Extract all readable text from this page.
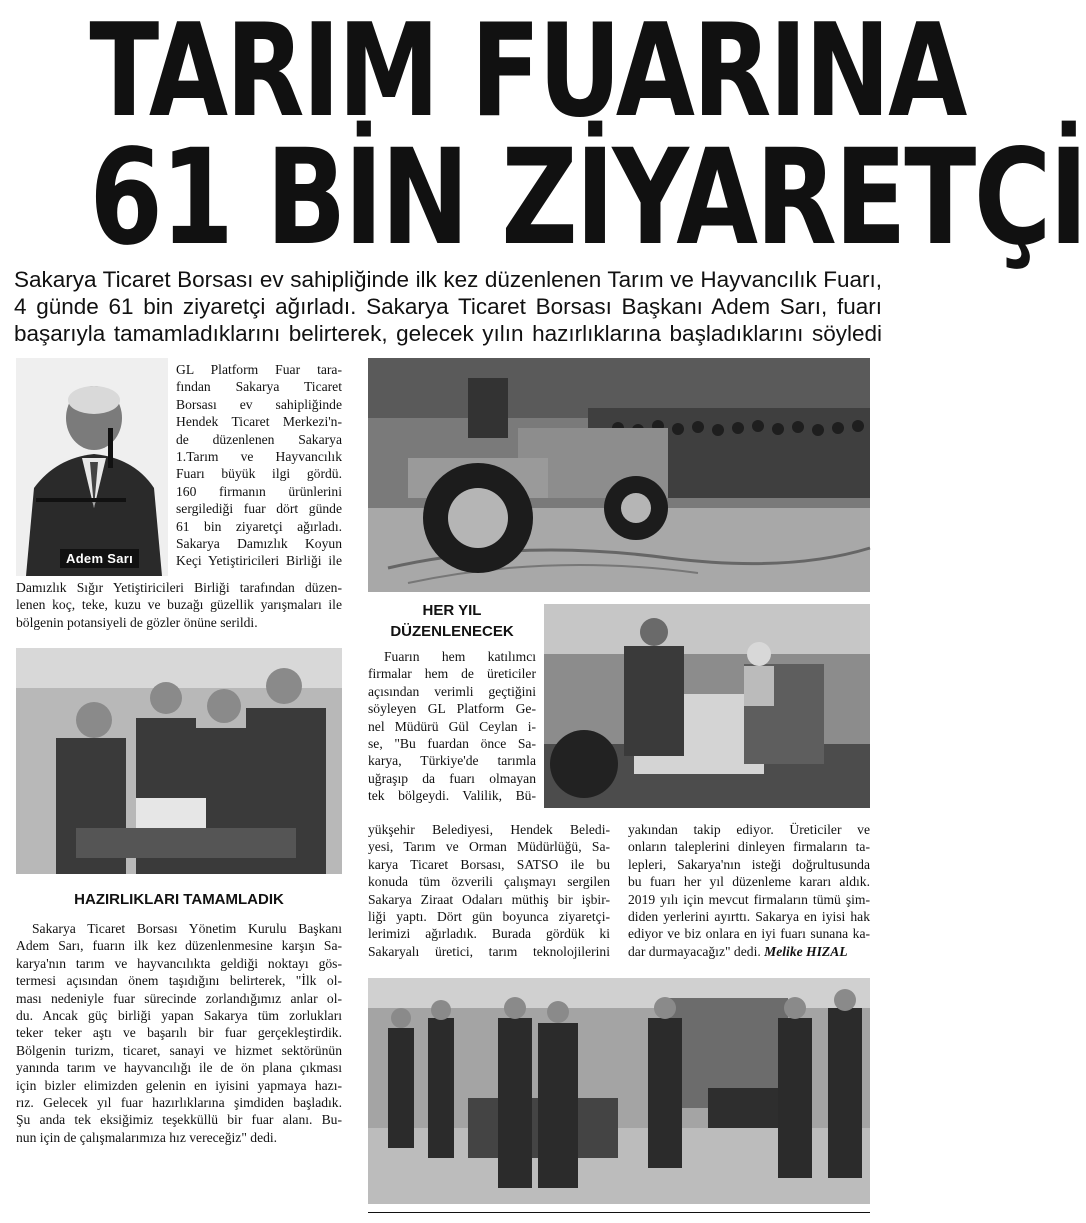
TARIM FUARINA
61 BİN ZİYARETÇİ
Sakarya Ticaret Borsası ev sahipliğinde ilk kez düzenlenen Tarım ve Hayvancılık Fuarı,
4 günde 61 bin ziyaretçi ağırladı. Sakarya Ticaret Borsası Başkanı Adem Sarı, fuarı
başarıyla tamamladıklarını belirterek, gelecek yılın hazırlıklarına başladıklarını söyledi
Adem Sarı
GL Platform Fuar tara-
fından Sakarya Ticaret
Borsası ev sahipliğinde
Hendek Ticaret Merkezi'n-
de düzenlenen Sakarya
1.Tarım ve Hayvancılık
Fuarı büyük ilgi gördü.
160 firmanın ürünlerini
sergilediği fuar dört günde
61 bin ziyaretçi ağırladı.
Sakarya Damızlık Koyun
Keçi Yetiştiricileri Birliği ile
Damızlık Sığır Yetiştiricileri Birliği tarafından düzen-
lenen koç, teke, kuzu ve buzağı güzellik yarışmaları ile
bölgenin potansiyeli de gözler önüne serildi.
HAZIRLIKLARI TAMAMLADIK
Sakarya Ticaret Borsası Yönetim Kurulu Başkanı
Adem Sarı, fuarın ilk kez düzenlenmesine karşın Sa-
karya'nın tarım ve hayvancılıkta geldiği noktayı gös-
termesi açısından önem taşıdığını belirterek, "İlk ol-
ması nedeniyle fuar sürecinde zorlandığımız anlar ol-
du. Ancak güç birliği yapan Sakarya tüm zorlukları
teker teker aştı ve başarılı bir fuar gerçekleştirdik.
Bölgenin turizm, ticaret, sanayi ve hizmet sektörünün
yanında tarım ve hayvancılığı ile de ön plana çıkması
için bizler elimizden gelenin en iyisini yapmaya hazı-
rız. Gelecek yıl fuar hazırlıklarına şimdiden başladık.
Şu anda tek eksiğimiz teşekküllü bir fuar alanı. Bu-
nun için de çalışmalarımıza hız vereceğiz" dedi.
HER YIL
DÜZENLENECEK
Fuarın hem katılımcı
firmalar hem de üreticiler
açısından verimli geçtiğini
söyleyen GL Platform Ge-
nel Müdürü Gül Ceylan i-
se, "Bu fuardan önce Sa-
karya, Türkiye'de tarımla
uğraşıp da fuarı olmayan
tek bölgeydi. Valilik, Bü-
yükşehir Belediyesi, Hendek Beledi-
yesi, Tarım ve Orman Müdürlüğü, Sa-
karya Ticaret Borsası, SATSO ile bu
konuda tüm özverili çalışmayı sergilen
Sakarya Ziraat Odaları müthiş bir işbir-
liği yaptı. Dört gün boyunca ziyaretçi-
lerimizi ağırladık. Burada gördük ki
Sakaryalı üretici, tarım teknolojilerini
yakından takip ediyor. Üreticiler ve
onların taleplerini dinleyen firmaların ta-
lepleri, Sakarya'nın isteği doğrultusunda
bu fuarı her yıl düzenleme kararı aldık.
2019 yılı için mevcut firmaların tümü şim-
diden yerlerini ayırttı. Sakarya en iyisi hak
ediyor ve biz onlara en iyi fuarı sunana ka-
dar durmayacağız" dedi. Melike HIZAL
